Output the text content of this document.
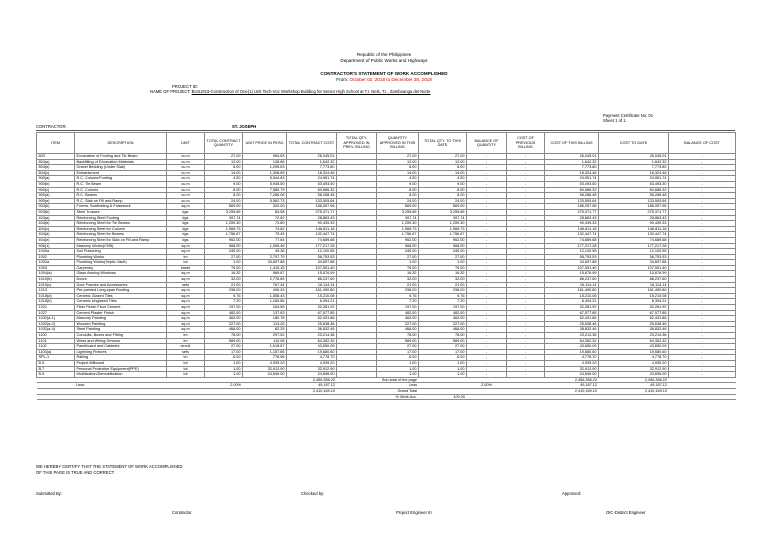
Republic of the Philippines
Department of Public Works and Highways
CONTRACTOR'S STATEMENT OF WORK ACCOMPLISHED
From: October 02, 2018 to December 28, 2018
PROJECT ID:
NAME OF PROJECT: BUILDS3-Construction of One(1) Unit Tech-Voc Workshop Building for Senior High School at T.I. Nels, T.I., Zamboanga del Norte
Payment Certificate No: 01
Sheet 1 of 1
CONTRACTOR:	ST. JOSEPH
ITEM	DESCRIPTION	UNIT	TOTAL CONTRACT QUANTITY	UNIT PRICE IN PESO	TOTAL CONTRACT COST	TOTAL QTY. APPROVED IN PREV. BILLING	QUANTITY APPROVED IN THIS BILLING	TOTAL QTY. TO THIS DATE	BALANCE OF QUANTITY	COST OF PREVIOUS BILLING	COST OF THIS BILLING	COST TO DATE	BALANCE OF COST
803	Excavation of Footing and Tie Beam	cu.m	27.00	964.63	26,045.01		27.00	27.00	-	-	26,045.01	26,045.01	-
804(a)	Backfilling of Excavation Materials	cu.m	12.00	136.86	1,642.32		12.00	12.00	-	-	1,642.32	1,642.32	-
804(b)	Gravel Bedding (Under Slab)	cu.m	6.00	1,295.63	7,773.80		6.00	6.00	-	-	7,773.80	7,773.80	-
804(c)	Embankment	cu.m	14.00	1,308.89	18,324.46		14.00	14.00	-	-	18,324.46	18,324.46	-
900(a)	R.C. Column/Footing	cu.m	4.50	5,544.83	24,951.74		4.50	4.50	-	-	24,951.74	24,951.74	-
900(b)	R.C. Tie Beam	cu.m	9.00	5,945.50	53,493.50		9.00	9.00	-	-	53,493.50	53,493.50	-
900(c)	R.C. Column	cu.m	8.00	7,585.79	60,686.32		8.00	8.00	-	-	60,686.32	60,686.32	-
900(d)	R.C. Beams	cu.m	8.00	7,286.06	58,288.48		8.00	8.00	-	-	58,288.48	58,288.48	-
900(e)	R.C. Slab on Fill and Ramp	cu.m	24.00	5,562.73	133,505.64		24.00	24.00	-	-	133,505.64	133,505.64	-
903(b)	Formw, Scaffolding & Falsework	sq.m	569.00	320.09	186,057.96		569.00	569.00	-	-	186,057.96	186,057.96	-
903(b)	Steel Trusses	kgs	3,259.65	84.58	275,371.77		3,259.65	3,259.65	-	-	275,371.77	275,371.77	-
404(a)	Reinforcing Steel Footing	kgs	397.74	72.62	28,863.43		397.74	397.74	-	-	28,863.43	28,863.43	-
404(b)	Reinforcing Steel for Tie Beams	kgs	1,259.30	73.80	90,439.33		1,259.30	1,259.30	-	-	90,439.33	90,439.33	-
404(c)	Reinforcing Steel for Column	kgs	1,966.73	74.62	146,811.18		1,966.73	1,966.73	-	-	146,811.18	146,811.18	-
404(d)	Reinforcing Steel for Beams	kgs	1,756.67	75.49	132,447.74		1,756.67	1,756.67	-	-	132,447.74	132,447.74	-
404(e)	Reinforcing Steel for Slab on Fill and Ramp	kgs	962.00	77.64	74,689.68		962.00	962.00	-	-	74,689.68	74,689.68	-
506(1)	Masonry Works(CHB)	sq.m	568.00	1,055.46	177,217.28		568.00	568.00	-	-	177,217.28	177,217.28	-
1000a	Soil Poisoning	sq.m	245.00	49.38	12,100.55		245.00	245.00	-	-	12,100.55	12,100.55	-
1002	Plumbing Works	lm	27.00	2,797.79	58,753.53		27.00	27.00	-	-	58,753.53	58,753.53	-
1002a	Plumbing Works(Septic Vault)	lot	1.00	34,697.88	34,697.88		1.00	1.00	-	-	34,697.88	34,697.88	-
1003	Carpentry	sheet	76.00	1,415.15	107,551.40		76.00	76.00	-	-	107,551.40	107,551.40	-
1004(a)	Glass Awning Windows	sq.m	16.32	969.87	15,676.99		16.32	16.32	-	-	15,676.99	15,676.99	-
1010(b)	Doors	sq.m	32.00	2,776.89	88,237.60		32.00	32.00	-	-	88,237.60	88,237.60	-
1010(c)	Door Frames and Accessories	sets	21.00	767.34	16,114.14		21.00	21.00	-	-	16,114.14	16,114.14	-
1013	Pre-painted Long-span Roofing	sq.m	296.00	406.43	161,490.80		296.00	296.00	-	-	161,490.80	161,490.80	-
1018(a)	Ceramic Glazed Tiles	sq.m	9.76	1,558.43	15,210.08		9.76	9.76	-	-	15,210.08	15,210.08	-
1018(b)	Ceramic Unglazed Tiles	sq.m	7.20	1,165.86	8,394.21		7.20	7.20	-	-	8,394.21	8,394.21	-
1021	Fiber Finish Floor Cement	sq.m	197.00	164.55	32,281.92		197.00	197.00	-	-	32,281.92	32,281.92	-
1027	Cement Plaster Finish	sq.m	482.00	137.63	67,577.85		482.00	482.00	-	-	67,577.85	67,577.85	-
1032(a-1)	Masonry Painting	sq.m	462.00	180.78	52,431.86		462.00	462.00	-	-	52,431.86	52,431.86	-
1032(a-2)	Wooden Painting	sq.m	227.00	113.26	25,638.46		227.00	227.00	-	-	25,638.46	25,638.46	-
1032(a-4)	Steel Painting	sq.m	466.00	82.25	38,832.46		466.00	466.00	-	-	38,832.46	38,832.46	-
1100	Conduits, Boxes and Fitting	lm	78.00	297.52	23,214.36		78.00	78.00	-	-	23,214.36	23,214.36	-
1101	Wires and Wiring Devices	lm	569.00	110.08	64,352.32		569.00	569.00	-	-	64,352.32	64,352.32	-
1102	Panelboard and Cabinets	circuit	27.00	1,616.67	43,650.09		27.00	27.00	-	-	43,650.09	43,650.09	-
1103(a)	Lightning Fixtures	sets	17.00	1,157.66	19,680.60		17.00	17.00	-	-	19,680.60	19,680.60	-
SPL-1	Railing	lm	6.00	776.96	4,778.70		6.00	6.00	-	-	4,778.70	4,778.70	-
B.5	Project Billboard	lot	1.00	4,939.20	4,939.20		1.00	1.00	-	-	4,939.20	4,939.20	-
B.7	Personal Protective Equipment(PPE)	lot	1.00	32,912.90	32,912.90		1.00	1.00	-	-	32,912.90	32,912.90	-
B.9	Mobilization/Demobilization	lot	1.00	24,696.00	24,696.00		1.00	1.00	-	-	24,696.00	24,696.00	-
					2,456,356.22		Sub-total of the page				2,456,356.22	2,456,356.22	
	Less:		2.00%		49,187.12		Less		2.00%		49,187.12	49,187.12	
					2,410,169.10		Grand Total				2,410,169.10	2,410,169.10	
							% Work Acc.	100.00					
WE HEREBY CERTIFY THAT THE STATEMENT OF WORK ACCOMPLISHED
OF THIS PAGE IS TRUE AND CORRECT.
Submitted By:	Checked by:	Approved:
Contractor	Project Engineer III	OIC-District Engineer
